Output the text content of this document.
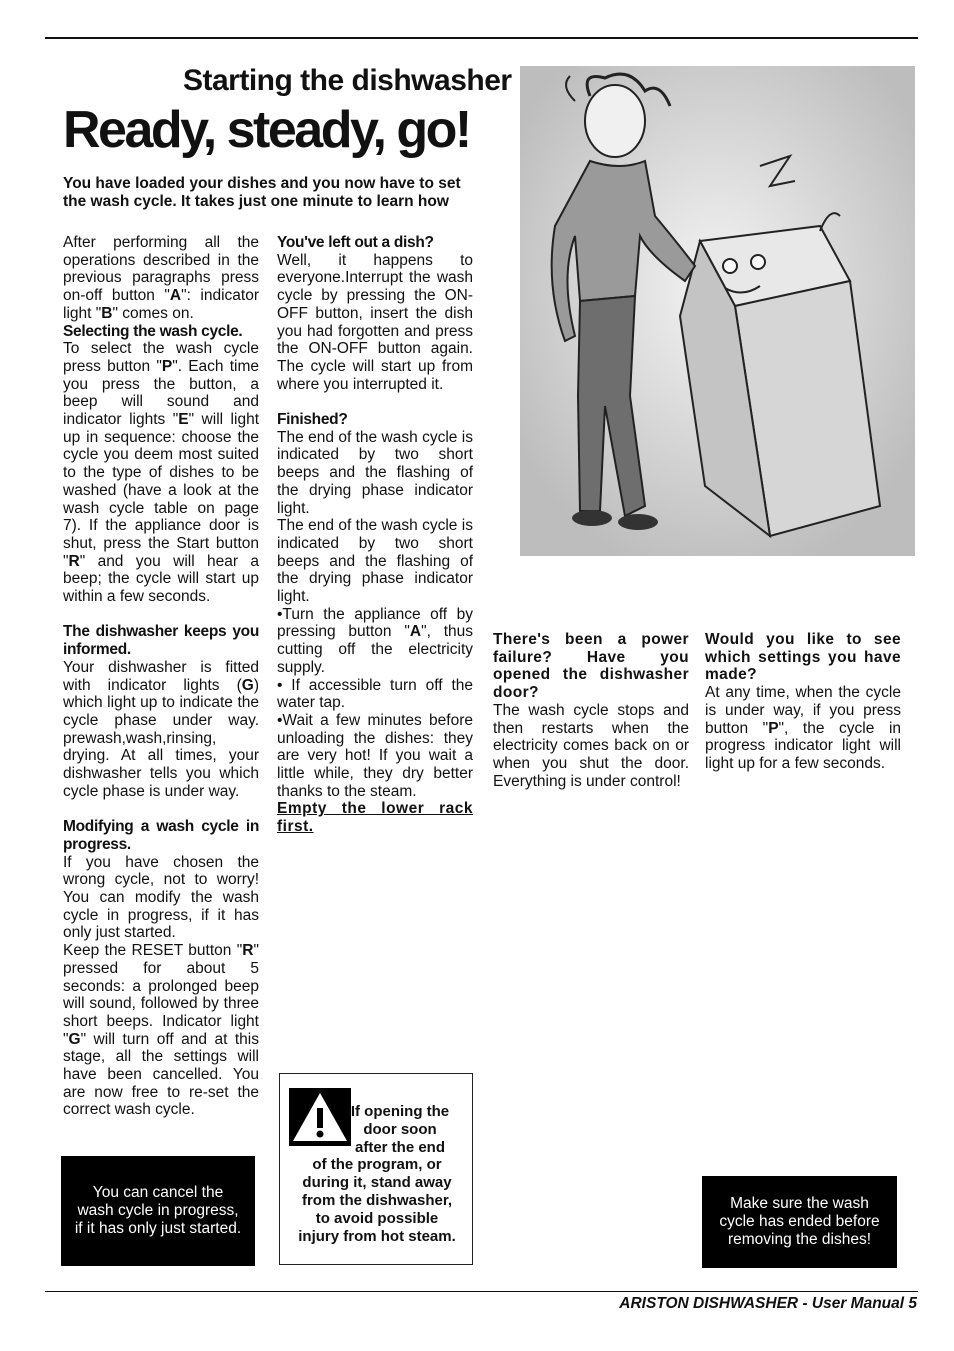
Starting the dishwasher
Ready, steady, go!

You have loaded your dishes and you now have to set the wash cycle. It takes just one minute to learn how

After performing all the operations described in the previous paragraphs press on-off button "A": indicator light "B" comes on.

Selecting the wash cycle.

To select the wash cycle press button "P". Each time you press the button, a beep will sound and indicator lights "E" will light up in sequence: choose the cycle you deem most suited to the type of dishes to be washed (have a look at the wash cycle table on page 7). If the appliance door is shut, press the Start button "R" and you will hear a beep; the cycle will start up within a few seconds.

The dishwasher keeps you informed.

Your dishwasher is fitted with indicator lights (G) which light up to indicate the cycle phase under way. prewash,wash,rinsing, drying. At all times, your dishwasher tells you which cycle phase is under way.

Modifying a wash cycle in progress.

If you have chosen the wrong cycle, not to worry! You can modify the wash cycle in progress, if it has only just started.

Keep the RESET button "R" pressed for about 5 seconds: a prolonged beep will sound, followed by three short beeps. Indicator light "G" will turn off and at this stage, all the settings will have been cancelled. You are now free to re-set the correct wash cycle.

You've left out a dish?

Well, it happens to everyone.Interrupt the wash cycle by pressing the ON-OFF button, insert the dish you had forgotten and press the ON-OFF button again. The cycle will start up from where you interrupted it.

Finished?

The end of the wash cycle is indicated by two short beeps and the flashing of the drying phase indicator light.

The end of the wash cycle is indicated by two short beeps and the flashing of the drying phase indicator light.

•Turn the appliance off by pressing button "A", thus cutting off the electricity supply.

• If accessible turn off the water tap.

•Wait a few minutes before unloading the dishes: they are very hot! If you wait a little while, they dry better thanks to the steam.

Empty the lower rack first.

There's been a power failure? Have you opened the dishwasher door?

The wash cycle stops and then restarts when the electricity comes back on or when you shut the door. Everything is under control!

Would you like to see which settings you have made?

At any time, when the cycle is under way, if you press button "P", the cycle in progress indicator light will light up for a few seconds.

You can cancel the wash cycle in progress, if it has only just started.
If opening the door soon after the end
of the program, or during it, stand away from the dishwasher, to avoid possible injury from hot steam.
Make sure the wash cycle has ended before removing the dishes!
ARISTON DISHWASHER - User Manual 5
